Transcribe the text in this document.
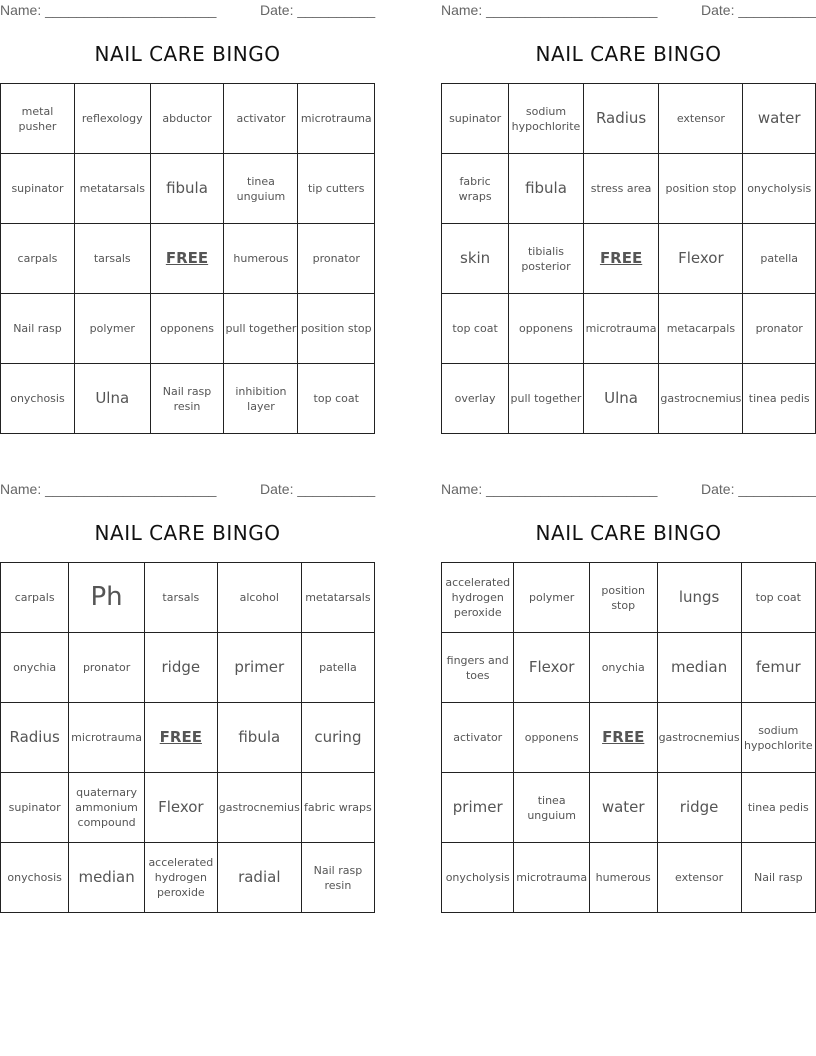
Name: ______________________	Date: __________
NAIL CARE BINGO
metal pusher	reflexology	abductor	activator	microtrauma
supinator	metatarsals	fibula	tinea unguium	tip cutters
carpals	tarsals	FREE	humerous	pronator
Nail rasp	polymer	opponens	pull together	position stop
onychosis	Ulna	Nail rasp resin	inhibition layer	top coat
Name: ______________________	Date: __________
NAIL CARE BINGO
supinator	sodium hypochlorite	Radius	extensor	water
fabric wraps	fibula	stress area	position stop	onycholysis
skin	tibialis posterior	FREE	Flexor	patella
top coat	opponens	microtrauma	metacarpals	pronator
overlay	pull together	Ulna	gastrocnemius	tinea pedis
Name: ______________________	Date: __________
NAIL CARE BINGO
carpals	Ph	tarsals	alcohol	metatarsals
onychia	pronator	ridge	primer	patella
Radius	microtrauma	FREE	fibula	curing
supinator	quaternary ammonium compound	Flexor	gastrocnemius	fabric wraps
onychosis	median	accelerated hydrogen peroxide	radial	Nail rasp resin
Name: ______________________	Date: __________
NAIL CARE BINGO
accelerated hydrogen peroxide	polymer	position stop	lungs	top coat
fingers and toes	Flexor	onychia	median	femur
activator	opponens	FREE	gastrocnemius	sodium hypochlorite
primer	tinea unguium	water	ridge	tinea pedis
onycholysis	microtrauma	humerous	extensor	Nail rasp
